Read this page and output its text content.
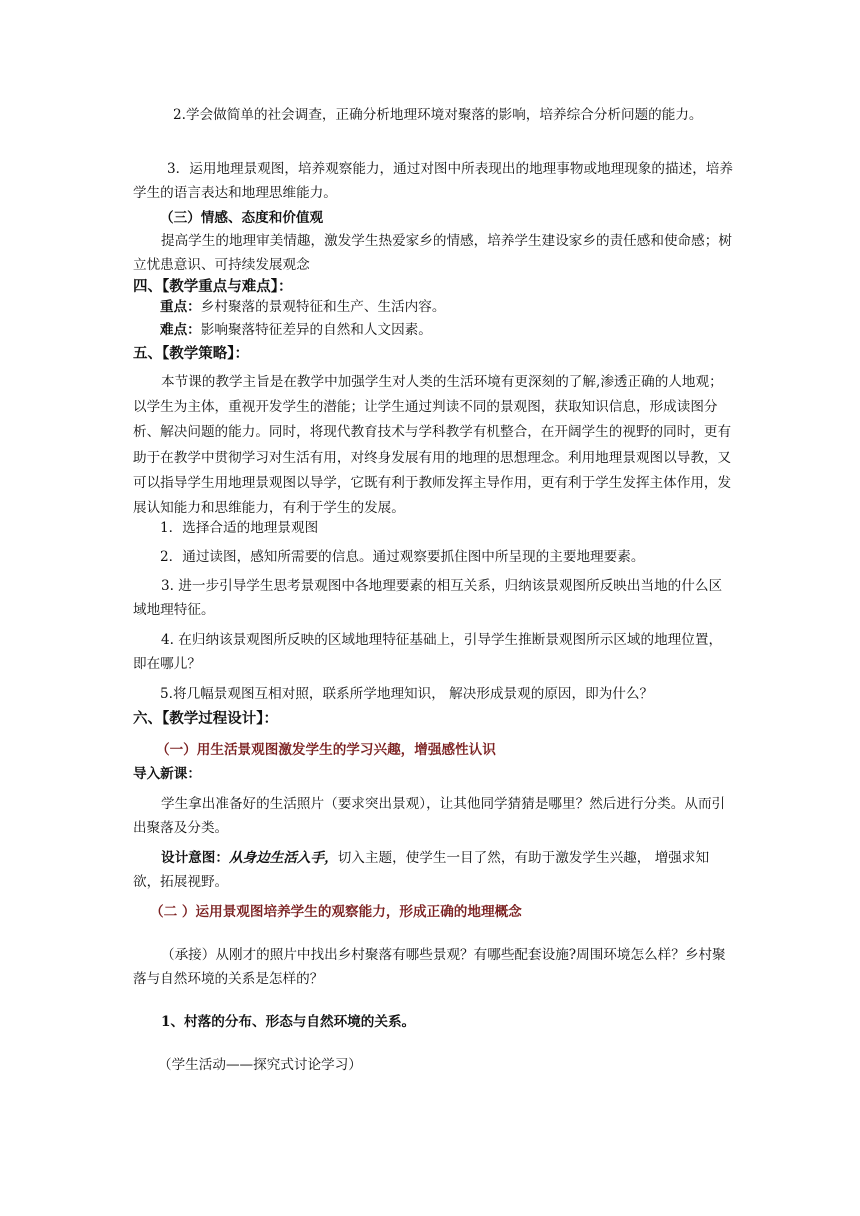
2.学会做简单的社会调查，正确分析地理环境对聚落的影响，培养综合分析问题的能力。
3．运用地理景观图，培养观察能力，通过对图中所表现出的地理事物或地理现象的描述，培养学生的语言表达和地理思维能力。
（三）情感、态度和价值观
提高学生的地理审美情趣，激发学生热爱家乡的情感，培养学生建设家乡的责任感和使命感；树立忧患意识、可持续发展观念
四、【教学重点与难点】：
重点：乡村聚落的景观特征和生产、生活内容。
难点：影响聚落特征差异的自然和人文因素。
五、【教学策略】：
本节课的教学主旨是在教学中加强学生对人类的生活环境有更深刻的了解,渗透正确的人地观；以学生为主体，重视开发学生的潜能；让学生通过判读不同的景观图，获取知识信息，形成读图分析、解决问题的能力。同时，将现代教育技术与学科教学有机整合，在开阔学生的视野的同时，更有助于在教学中贯彻学习对生活有用，对终身发展有用的地理的思想理念。利用地理景观图以导教，又可以指导学生用地理景观图以导学，它既有利于教师发挥主导作用，更有利于学生发挥主体作用，发展认知能力和思维能力，有利于学生的发展。
1．选择合适的地理景观图
2．通过读图，感知所需要的信息。通过观察要抓住图中所呈现的主要地理要素。
3. 进一步引导学生思考景观图中各地理要素的相互关系，归纳该景观图所反映出当地的什么区域地理特征。
4. 在归纳该景观图所反映的区域地理特征基础上，引导学生推断景观图所示区域的地理位置，即在哪儿？
5.将几幅景观图互相对照，联系所学地理知识， 解决形成景观的原因，即为什么？
六、【教学过程设计】：
（一）用生活景观图激发学生的学习兴趣，增强感性认识
导入新课：
学生拿出准备好的生活照片（要求突出景观），让其他同学猜猜是哪里？然后进行分类。从而引出聚落及分类。
设计意图：从身边生活入手，切入主题，使学生一目了然，有助于激发学生兴趣， 增强求知欲，拓展视野。
（二 ）运用景观图培养学生的观察能力，形成正确的地理概念
（承接）从刚才的照片中找出乡村聚落有哪些景观？有哪些配套设施?周围环境怎么样？乡村聚落与自然环境的关系是怎样的？
1、村落的分布、形态与自然环境的关系。
（学生活动——探究式讨论学习）
